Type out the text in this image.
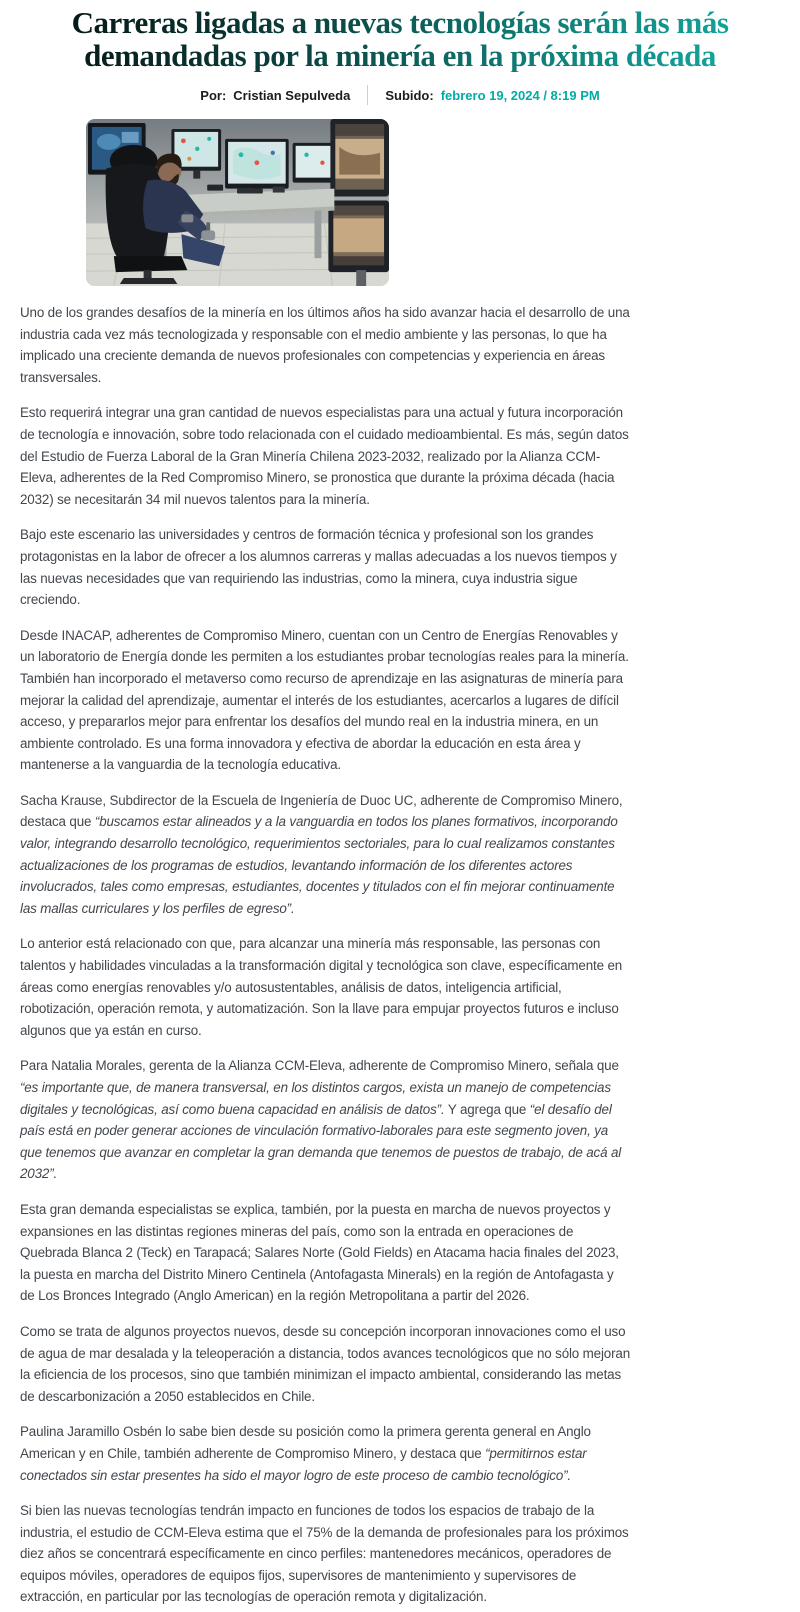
Carreras ligadas a nuevas tecnologías serán las más
demandadas por la minería en la próxima década
Por: Cristian Sepulveda	Subido: febrero 19, 2024 / 8:19 PM

Uno de los grandes desafíos de la minería en los últimos años ha sido avanzar hacia el desarrollo de una industria cada vez más tecnologizada y responsable con el medio ambiente y las personas, lo que ha implicado una creciente demanda de nuevos profesionales con competencias y experiencia en áreas transversales.

Esto requerirá integrar una gran cantidad de nuevos especialistas para una actual y futura incorporación de tecnología e innovación, sobre todo relacionada con el cuidado medioambiental. Es más, según datos del Estudio de Fuerza Laboral de la Gran Minería Chilena 2023-2032, realizado por la Alianza CCM-Eleva, adherentes de la Red Compromiso Minero, se pronostica que durante la próxima década (hacia 2032) se necesitarán 34 mil nuevos talentos para la minería.

Bajo este escenario las universidades y centros de formación técnica y profesional son los grandes protagonistas en la labor de ofrecer a los alumnos carreras y mallas adecuadas a los nuevos tiempos y las nuevas necesidades que van requiriendo las industrias, como la minera, cuya industria sigue creciendo.

Desde INACAP, adherentes de Compromiso Minero, cuentan con un Centro de Energías Renovables y un laboratorio de Energía donde les permiten a los estudiantes probar tecnologías reales para la minería. También han incorporado el metaverso como recurso de aprendizaje en las asignaturas de minería para mejorar la calidad del aprendizaje, aumentar el interés de los estudiantes, acercarlos a lugares de difícil acceso, y prepararlos mejor para enfrentar los desafíos del mundo real en la industria minera, en un ambiente controlado. Es una forma innovadora y efectiva de abordar la educación en esta área y mantenerse a la vanguardia de la tecnología educativa.

Sacha Krause, Subdirector de la Escuela de Ingeniería de Duoc UC, adherente de Compromiso Minero, destaca que “buscamos estar alineados y a la vanguardia en todos los planes formativos, incorporando valor, integrando desarrollo tecnológico, requerimientos sectoriales, para lo cual realizamos constantes actualizaciones de los programas de estudios, levantando información de los diferentes actores involucrados, tales como empresas, estudiantes, docentes y titulados con el fin mejorar continuamente las mallas curriculares y los perfiles de egreso”.

Lo anterior está relacionado con que, para alcanzar una minería más responsable, las personas con talentos y habilidades vinculadas a la transformación digital y tecnológica son clave, específicamente en áreas como energías renovables y/o autosustentables, análisis de datos, inteligencia artificial, robotización, operación remota, y automatización. Son la llave para empujar proyectos futuros e incluso algunos que ya están en curso.

Para Natalia Morales, gerenta de la Alianza CCM-Eleva, adherente de Compromiso Minero, señala que “es importante que, de manera transversal, en los distintos cargos, exista un manejo de competencias digitales y tecnológicas, así como buena capacidad en análisis de datos”. Y agrega que “el desafío del país está en poder generar acciones de vinculación formativo-laborales para este segmento joven, ya que tenemos que avanzar en completar la gran demanda que tenemos de puestos de trabajo, de acá al 2032”.

Esta gran demanda especialistas se explica, también, por la puesta en marcha de nuevos proyectos y expansiones en las distintas regiones mineras del país, como son la entrada en operaciones de Quebrada Blanca 2 (Teck) en Tarapacá; Salares Norte (Gold Fields) en Atacama hacia finales del 2023, la puesta en marcha del Distrito Minero Centinela (Antofagasta Minerals) en la región de Antofagasta y de Los Bronces Integrado (Anglo American) en la región Metropolitana a partir del 2026.

Como se trata de algunos proyectos nuevos, desde su concepción incorporan innovaciones como el uso de agua de mar desalada y la teleoperación a distancia, todos avances tecnológicos que no sólo mejoran la eficiencia de los procesos, sino que también minimizan el impacto ambiental, considerando las metas de descarbonización a 2050 establecidos en Chile.

Paulina Jaramillo Osbén lo sabe bien desde su posición como la primera gerenta general en Anglo American y en Chile, también adherente de Compromiso Minero, y destaca que “permitirnos estar conectados sin estar presentes ha sido el mayor logro de este proceso de cambio tecnológico”.

Si bien las nuevas tecnologías tendrán impacto en funciones de todos los espacios de trabajo de la industria, el estudio de CCM-Eleva estima que el 75% de la demanda de profesionales para los próximos diez años se concentrará específicamente en cinco perfiles: mantenedores mecánicos, operadores de equipos móviles, operadores de equipos fijos, supervisores de mantenimiento y supervisores de extracción, en particular por las tecnologías de operación remota y digitalización.
